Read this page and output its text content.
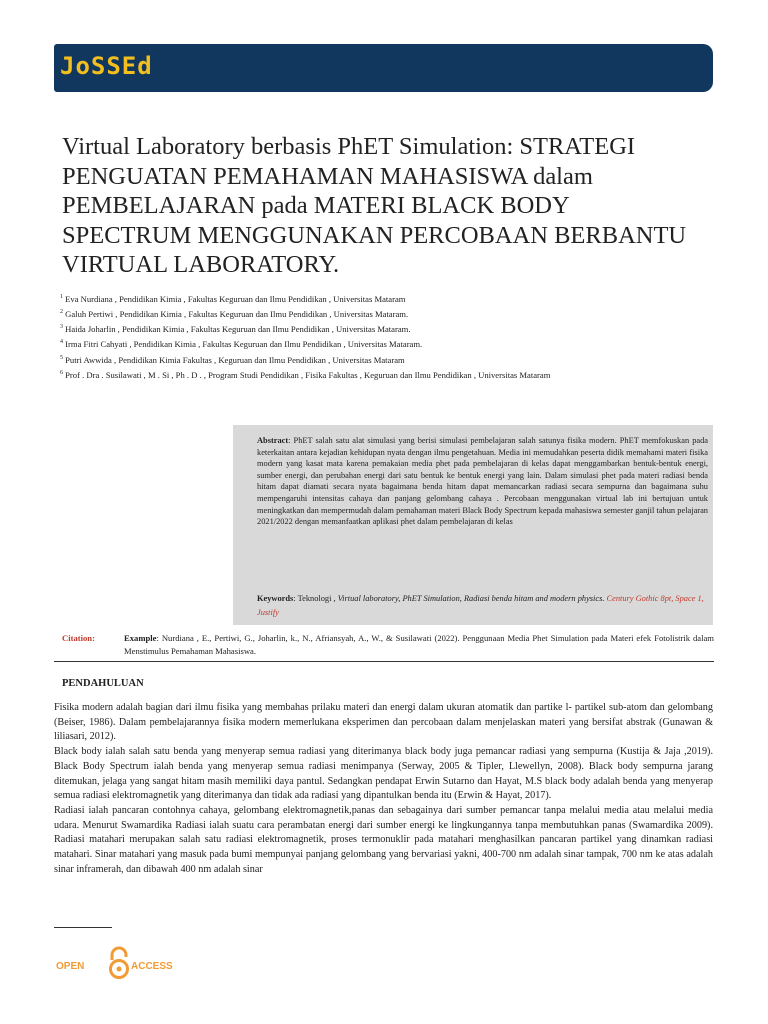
JoSSEd
Virtual Laboratory berbasis PhET Simulation: STRATEGI PENGUATAN PEMAHAMAN MAHASISWA dalam PEMBELAJARAN pada MATERI BLACK BODY SPECTRUM MENGGUNAKAN PERCOBAAN BERBANTU VIRTUAL LABORATORY.
$^1$ Eva Nurdiana , Pendidikan Kimia , Fakultas Keguruan dan Ilmu Pendidikan , Universitas Mataram
$^2$ Galuh Pertiwi , Pendidikan Kimia , Fakultas Keguruan dan Ilmu Pendidikan , Universitas Mataram.
$^3$ Haida Joharlin , Pendidikan Kimia , Fakultas Keguruan dan Ilmu Pendidikan , Universitas Mataram.
$^4$ Irma Fitri Cahyati , Pendidikan Kimia , Fakultas Keguruan dan Ilmu Pendidikan , Universitas Mataram.
$^5$ Putri Awwida , Pendidikan Kimia Fakultas , Keguruan dan Ilmu Pendidikan , Universitas Mataram
$^6$ Prof . Dra . Susilawati , M . Si , Ph . D . , Program Studi Pendidikan , Fisika Fakultas , Keguruan dan Ilmu Pendidikan , Universitas Mataram
Abstract: PhET salah satu alat simulasi yang berisi simulasi pembelajaran salah satunya fisika modern. PhET memfokuskan pada keterkaitan antara kejadian kehidupan nyata dengan ilmu pengetahuan. Media ini memudahkan peserta didik memahami materi fisika modern yang kasat mata karena pemakaian media phet pada pembelajaran di kelas dapat menggambarkan bentuk-bentuk energi, sumber energi, dan perubahan energi dari satu bentuk ke bentuk energi yang lain. Dalam simulasi phet pada materi radiasi benda hitam dapat diamati secara nyata bagaimana benda hitam dapat memancarkan radiasi secara sempurna dan bagaimana suhu mempengaruhi intensitas cahaya dan panjang gelombang cahaya . Percobaan menggunakan virtual lab ini bertujuan untuk meningkatkan dan mempermudah dalam pemahaman materi Black Body Spectrum kepada mahasiswa semester ganjil tahun pelajaran 2021/2022 dengan memanfaatkan aplikasi phet dalam pembelajaran di kelas
Keywords: Teknologi , Virtual laboratory, PhET Simulation, Radiasi benda hitam and modern physics. Century Gothic 8pt, Space 1, Justify
Citation:	Example: Nurdiana , E., Pertiwi, G., Joharlin, k., N., Afriansyah, A., W., & Susilawati (2022). Penggunaan Media Phet Simulation pada Materi efek Fotolistrik dalam Menstimulus Pemahaman Mahasiswa.
PENDAHULUAN

Fisika modern adalah bagian dari ilmu fisika yang membahas prilaku materi dan energi dalam ukuran atomatik dan partike l- partikel sub-atom dan gelombang (Beiser, 1986). Dalam pembelajarannya fisika modern memerlukana eksperimen dan percobaan dalam menjelaskan materi yang bersifat abstrak (Gunawan & liliasari, 2012).

Black body ialah salah satu benda yang menyerap semua radiasi yang diterimanya black body juga pemancar radiasi yang sempurna (Kustija & Jaja ,2019). Black Body Spectrum ialah benda yang menyerap semua radiasi menimpanya (Serway, 2005 & Tipler, Llewellyn, 2008). Black body sempurna jarang ditemukan, jelaga yang sangat hitam masih memiliki daya pantul. Sedangkan pendapat Erwin Sutarno dan Hayat, M.S black body adalah benda yang menyerap semua radiasi elektromagnetik yang diterimanya dan tidak ada radiasi yang dipantulkan benda itu (Erwin & Hayat, 2017).

Radiasi ialah pancaran contohnya cahaya, gelombang elektromagnetik,panas dan sebagainya dari sumber pemancar tanpa melalui media atau melalui media udara. Menurut Swamardika Radiasi ialah suatu cara perambatan energi dari sumber energi ke lingkungannya tanpa membutuhkan panas (Swamardika 2009). Radiasi matahari merupakan salah satu radiasi elektromagnetik, proses termonuklir pada matahari menghasilkan pancaran partikel yang dinamkan radiasi matahari. Sinar matahari yang masuk pada bumi mempunyai panjang gelombang yang bervariasi yakni, 400-700 nm adalah sinar tampak, 700 nm ke atas adalah sinar inframerah, dan dibawah 400 nm adalah sinar

OPEN	ACCESS
